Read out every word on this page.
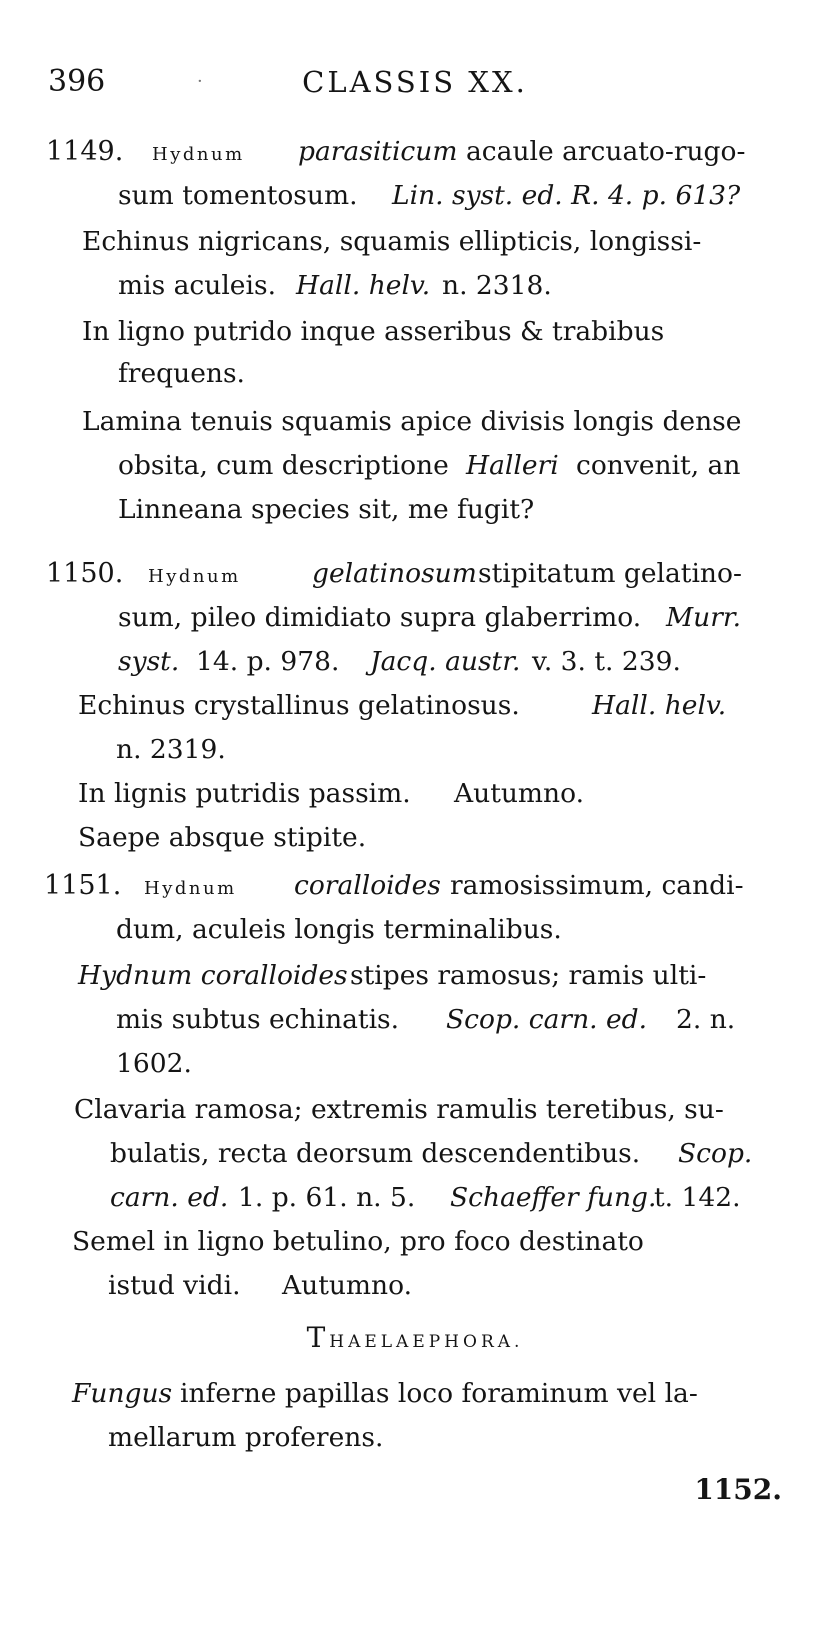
396	·	CLASSIS XX.
1149. Hydnum parasiticum acaule arcuato-rugo-
sum tomentosum. Lin. syst. ed. R. 4. p. 613?
Echinus nigricans, squamis ellipticis, longissi-
mis aculeis. Hall. helv. n. 2318.
In ligno putrido inque asseribus & trabibus
frequens.
Lamina tenuis squamis apice divisis longis dense
obsita, cum descriptione Halleri convenit, an
Linneana species sit, me fugit?
1150. Hydnum	gelatinosum stipitatum gelatino-
sum, pileo dimidiato supra glaberrimo. Murr.
syst. 14. p. 978. Jacq. austr. v. 3. t. 239.
Echinus crystallinus gelatinosus.	Hall. helv.
n. 2319.
In lignis putridis passim. Autumno.
Saepe absque stipite.
1151. Hydnum coralloides ramosissimum, candi-
dum, aculeis longis terminalibus.
Hydnum coralloides stipes ramosus; ramis ulti-
mis subtus echinatis. Scop. carn. ed. 2. n.
1602.
Clavaria ramosa; extremis ramulis teretibus, su-
bulatis, recta deorsum descendentibus. Scop.
carn. ed. 1. p. 61. n. 5. Schaeffer fung.
t. 142.
Semel in ligno betulino, pro foco destinato
istud vidi. Autumno.
THAELAEPHORA.
Fungus inferne papillas loco foraminum vel la-
mellarum proferens.
1152.
